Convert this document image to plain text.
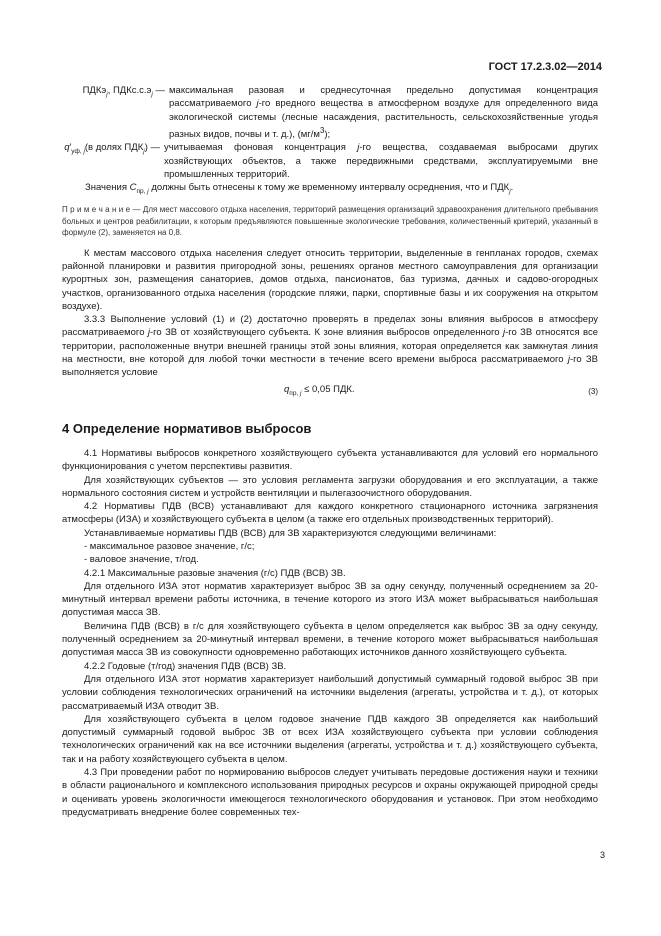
ГОСТ 17.2.3.02—2014
ПДКэ$_j$, $ПДКс.с.э_j$ — максимальная разовая и среднесуточная предельно допустимая концентрация рассматриваемого j-го вредного вещества в атмосферном воздухе для определенного вида экологической системы (лесные насаждения, растительность, сельскохозяйственные угодья разных видов, почвы и т. д.), $(мг/м^3)$;
$q'_{уф, j}(в$ долях $ПДК_j$) — учитываемая фоновая концентрация j-го вещества, создаваемая выбросами других хозяйствующих объектов, а также передвижными средствами, эксплуатируемыми вне промышленных территорий.

Значения $С_{пр, j}$ должны быть отнесены к тому же временному интервалу осреднения, что и $ПДК_j$.

П р и м е ч а н и е — Для мест массового отдыха населения, территорий размещения организаций здравоохранения длительного пребывания больных и центров реабилитации, к которым предъявляются повышенные экологические требования, количественный критерий, указанный в формуле (2), заменяется на 0,8.

К местам массового отдыха населения следует относить территории, выделенные в генпланах городов, схемах районной планировки и развития пригородной зоны, решениях органов местного самоуправления для организации курортных зон, размещения санаториев, домов отдыха, пансионатов, баз туризма, дачных и садово-огородных участков, организованного отдыха населения (городские пляжи, парки, спортивные базы и их сооружения на открытом воздухе).

3.3.3 Выполнение условий (1) и (2) достаточно проверять в пределах зоны влияния выбросов в атмосферу рассматриваемого j-го ЗВ от хозяйствующего субъекта. К зоне влияния выбросов определенного j-го ЗВ относятся все территории, расположенные внутри внешней границы этой зоны влияния, которая определяется как замкнутая линия на местности, вне которой для любой точки местности в течение всего времени выброса рассматриваемого j-го ЗВ выполняется условие

$q_{пр, j} \le 0,05$ ПДК.	(3)
4 Определение нормативов выбросов

4.1 Нормативы выбросов конкретного хозяйствующего субъекта устанавливаются для условий его нормального функционирования с учетом перспективы развития.

Для хозяйствующих субъектов — это условия регламента загрузки оборудования и его эксплуатации, а также нормального состояния систем и устройств вентиляции и пылегазоочистного оборудования.

4.2 Нормативы ПДВ (ВСВ) устанавливают для каждого конкретного стационарного источника загрязнения атмосферы (ИЗА) и хозяйствующего субъекта в целом (а также его отдельных производственных территорий).

Устанавливаемые нормативы ПДВ (ВСВ) для ЗВ характеризуются следующими величинами:

- максимальное разовое значение, г/с;

- валовое значение, т/год.

4.2.1 Максимальные разовые значения (г/с) ПДВ (ВСВ) ЗВ.

Для отдельного ИЗА этот норматив характеризует выброс ЗВ за одну секунду, полученный осреднением за 20-минутный интервал времени работы источника, в течение которого из этого ИЗА может выбрасываться наибольшая допустимая масса ЗВ.

Величина ПДВ (ВСВ) в г/с для хозяйствующего субъекта в целом определяется как выброс ЗВ за одну секунду, полученный осреднением за 20-минутный интервал времени, в течение которого может выбрасываться наибольшая допустимая масса ЗВ из совокупности одновременно работающих источников данного хозяйствующего субъекта.

4.2.2 Годовые (т/год) значения ПДВ (ВСВ) ЗВ.

Для отдельного ИЗА этот норматив характеризует наибольший допустимый суммарный годовой выброс ЗВ при условии соблюдения технологических ограничений на источники выделения (агрегаты, устройства и т. д.), от которых рассматриваемый ИЗА отводит ЗВ.

Для хозяйствующего субъекта в целом годовое значение ПДВ каждого ЗВ определяется как наибольший допустимый суммарный годовой выброс ЗВ от всех ИЗА хозяйствующего субъекта при условии соблюдения технологических ограничений как на все источники выделения (агрегаты, устройства и т. д.) хозяйствующего субъекта, так и на работу хозяйствующего субъекта в целом.

4.3 При проведении работ по нормированию выбросов следует учитывать передовые достижения науки и техники в области рационального и комплексного использования природных ресурсов и охраны окружающей природной среды и оценивать уровень экологичности имеющегося технологического оборудования и установок. При этом необходимо предусматривать внедрение более современных тех-

3
